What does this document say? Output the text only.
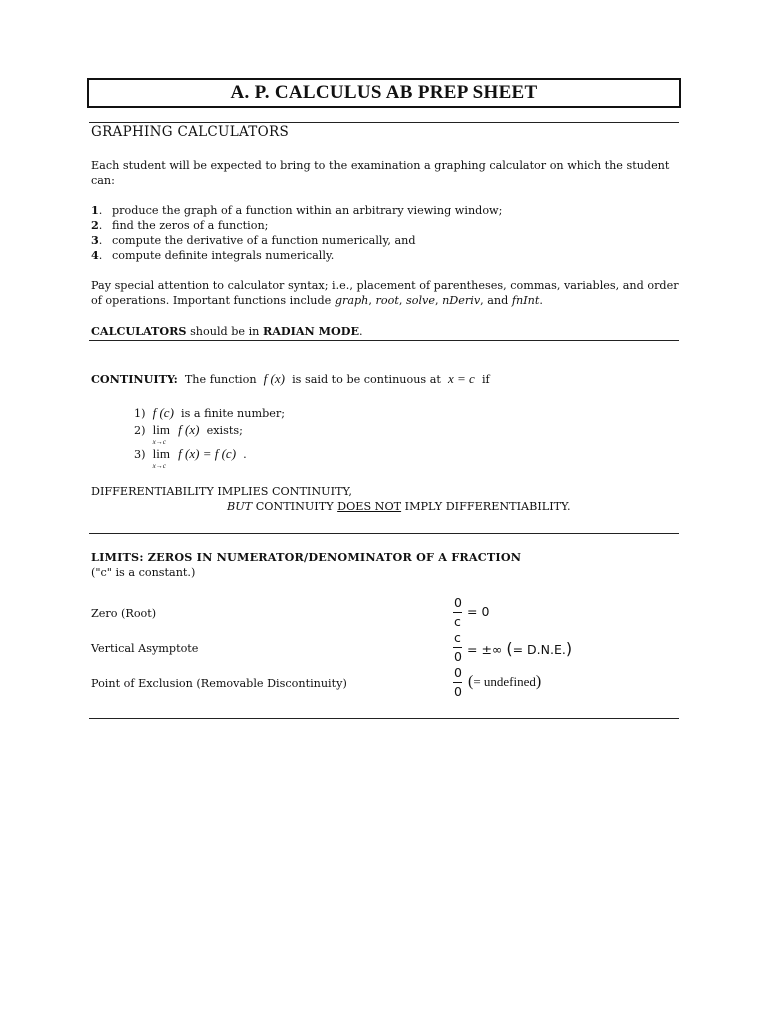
A. P. CALCULUS AB PREP SHEET
GRAPHING CALCULATORS
Each student will be expected to bring to the examination a graphing calculator on which the student
can:
1. produce the graph of a function within an arbitrary viewing window;
2. find the zeros of a function;
3. compute the derivative of a function numerically, and
4. compute definite integrals numerically.
Pay special attention to calculator syntax; i.e., placement of parentheses, commas, variables, and order
of operations. Important functions include graph, root, solve, nDeriv, and fnInt.
CALCULATORS should be in RADIAN MODE.
CONTINUITY: The function f (x) is said to be continuous at x = c if
1) f (c) is a finite number;
2) lim
x→c
f (x) exists;
3) lim
x→c
f (x) = f (c) .
DIFFERENTIABILITY IMPLIES CONTINUITY,
BUT CONTINUITY DOES NOT IMPLY DIFFERENTIABILITY.
LIMITS: ZEROS IN NUMERATOR/DENOMINATOR OF A FRACTION
("c" is a constant.)
Zero (Root)
0
c
= 0
Vertical Asymptote
c
0 = ±∞ (= D.N.E.)
Point of Exclusion (Removable Discontinuity)
0
0
(= undefined)
